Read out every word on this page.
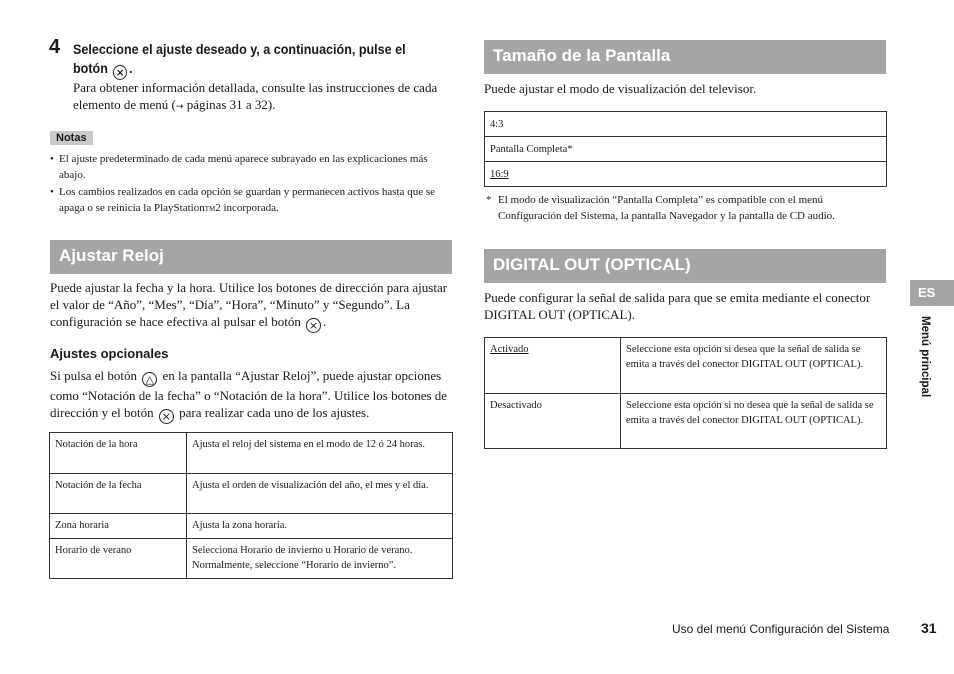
4 Seleccione el ajuste deseado y, a continuación, pulse el botón × .
Para obtener información detallada, consulte las instrucciones de cada elemento de menú (→ páginas 31 a 32).
Notas
• El ajuste predeterminado de cada menú aparece subrayado en las explicaciones más abajo.
• Los cambios realizados en cada opción se guardan y permanecen activos hasta que se apaga o se reinicia la PlayStationTM2 incorporada.
Ajustar Reloj
Puede ajustar la fecha y la hora. Utilice los botones de dirección para ajustar el valor de “Año”, “Mes”, “Día”, “Hora”, “Minuto” y “Segundo”. La configuración se hace efectiva al pulsar el botón × .
Ajustes opcionales
Si pulsa el botón △ en la pantalla “Ajustar Reloj”, puede ajustar opciones como “Notación de la fecha” o “Notación de la hora”. Utilice los botones de dirección y el botón × para realizar cada uno de los ajustes.
Notación de la hora	Ajusta el reloj del sistema en el modo de 12 ó 24 horas.
Notación de la fecha	Ajusta el orden de visualización del año, el mes y el día.
Zona horaria	Ajusta la zona horaria.
Horario de verano	Selecciona Horario de invierno u Horario de verano. Normalmente, seleccione “Horario de invierno”.
Tamaño de la Pantalla
Puede ajustar el modo de visualización del televisor.
4:3
Pantalla Completa*
16:9
* El modo de visualización “Pantalla Completa” es compatible con el menú Configuración del Sistema, la pantalla Navegador y la pantalla de CD audio.
DIGITAL OUT (OPTICAL)
Puede configurar la señal de salida para que se emita mediante el conector DIGITAL OUT (OPTICAL).
Activado	Seleccione esta opción si desea que la señal de salida se emita a través del conector DIGITAL OUT (OPTICAL).
Desactivado	Seleccione esta opción si no desea que la señal de salida se emita a través del conector DIGITAL OUT (OPTICAL).
ES
Menú principal
Uso del menú Configuración del Sistema 31
